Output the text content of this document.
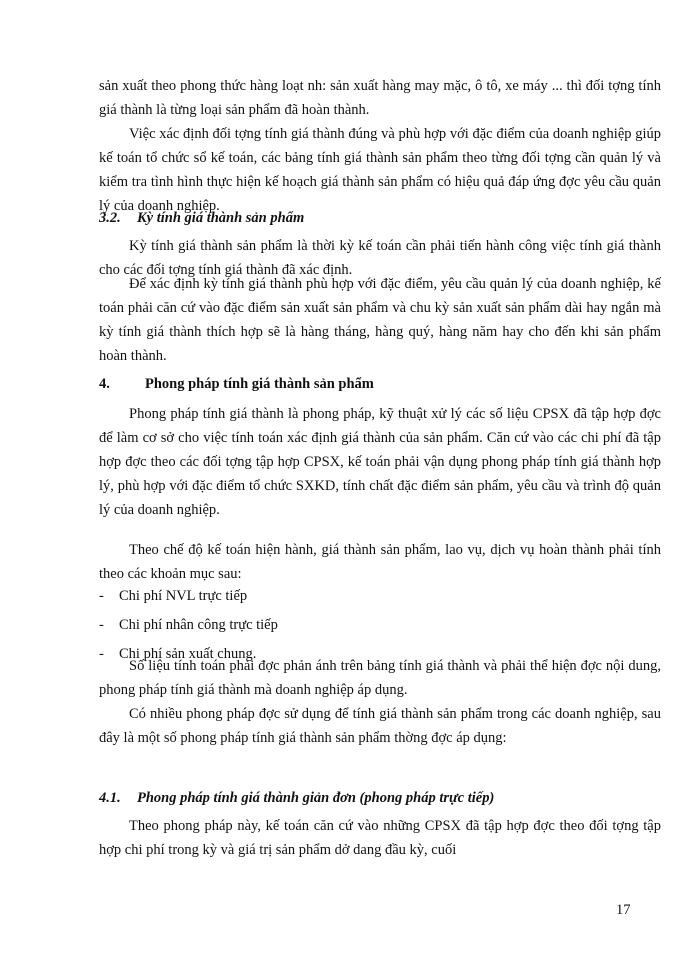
sản xuất theo phong thức hàng loạt nh: sản xuất hàng may mặc, ô tô, xe máy ... thì đối tợng tính giá thành là từng loại sản phẩm đã hoàn thành.

Việc xác định đối tợng tính giá thành đúng và phù hợp với đặc điểm của doanh nghiệp giúp kế toán tổ chức sổ kế toán, các bảng tính giá thành sản phẩm theo từng đối tợng cần quản lý và kiểm tra tình hình thực hiện kế hoạch giá thành sản phẩm có hiệu quả đáp ứng đợc yêu cầu quản lý của doanh nghiệp.

3.2. Kỳ tính giá thành sản phẩm

Kỳ tính giá thành sản phẩm là thời kỳ kế toán cần phải tiến hành công việc tính giá thành cho các đối tợng tính giá thành đã xác định.

Để xác định kỳ tính giá thành phù hợp với đặc điểm, yêu cầu quản lý của doanh nghiệp, kế toán phải căn cứ vào đặc điểm sản xuất sản phẩm và chu kỳ sản xuất sản phẩm dài hay ngắn mà kỳ tính giá thành thích hợp sẽ là hàng tháng, hàng quý, hàng năm hay cho đến khi sản phẩm hoàn thành.

4. Phong pháp tính giá thành sản phẩm

Phong pháp tính giá thành là phong pháp, kỹ thuật xử lý các số liệu CPSX đã tập hợp đợc để làm cơ sở cho việc tính toán xác định giá thành của sản phẩm. Căn cứ vào các chi phí đã tập hợp đợc theo các đối tợng tập hợp CPSX, kế toán phải vận dụng phong pháp tính giá thành hợp lý, phù hợp với đặc điểm tổ chức SXKD, tính chất đặc điểm sản phẩm, yêu cầu và trình độ quản lý của doanh nghiệp.

Theo chế độ kế toán hiện hành, giá thành sản phẩm, lao vụ, dịch vụ hoàn thành phải tính theo các khoản mục sau:

- Chi phí NVL trực tiếp
- Chi phí nhân công trực tiếp
- Chi phí sản xuất chung.

Số liệu tính toán phải đợc phản ánh trên bảng tính giá thành và phải thể hiện đợc nội dung, phong pháp tính giá thành mà doanh nghiệp áp dụng.

Có nhiều phong pháp đợc sử dụng để tính giá thành sản phẩm trong các doanh nghiệp, sau đây là một số phong pháp tính giá thành sản phẩm thờng đợc áp dụng:

4.1. Phong pháp tính giá thành giản đơn (phong pháp trực tiếp)

Theo phong pháp này, kế toán căn cứ vào những CPSX đã tập hợp đợc theo đối tợng tập hợp chi phí trong kỳ và giá trị sản phẩm dở dang đầu kỳ, cuối

17
